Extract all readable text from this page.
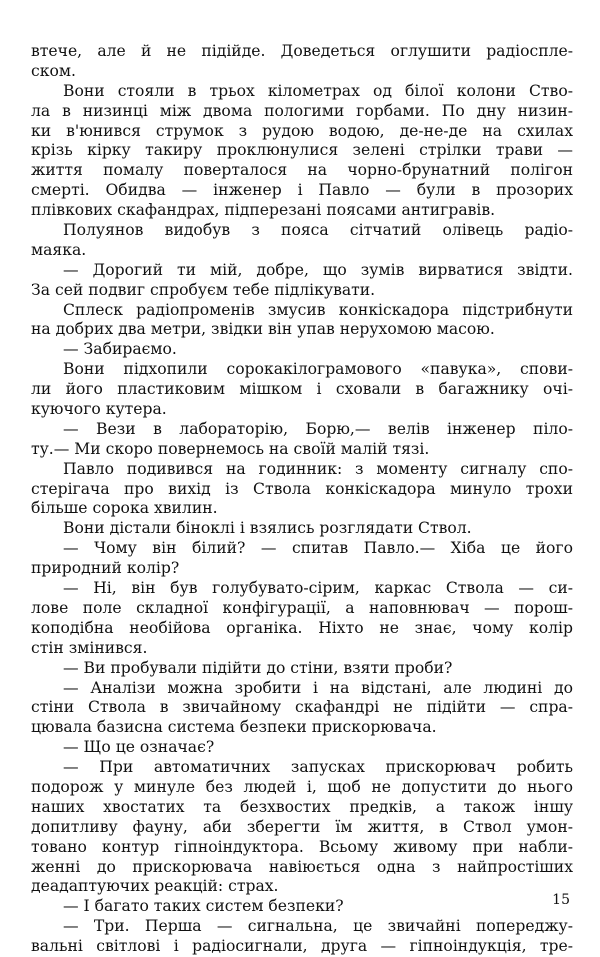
втече, але й не підійде. Доведеться оглушити радіоспле-
ском.
Вони стояли в трьох кілометрах од білої колони Ство-
ла в низинці між двома пологими горбами. По дну низин-
ки в'юнився струмок з рудою водою, де-не-де на схилах
крізь кірку такиру проклюнулися зелені стрілки трави —
життя помалу поверталося на чорно-брунатний полігон
смерті. Обидва — інженер і Павло — були в прозорих
плівкових скафандрах, підперезані поясами антигравів.
Полуянов видобув з пояса сітчатий олівець радіо-
маяка.
— Дорогий ти мій, добре, що зумів вирватися звідти.
За сей подвиг спробуєм тебе підлікувати.
Сплеск радіопроменів змусив конкіскадора підстрибнути
на добрих два метри, звідки він упав нерухомою масою.
— Забираємо.
Вони підхопили сорокакілограмового «павука», спови-
ли його пластиковим мішком і сховали в багажнику очі-
куючого кутера.
— Вези в лабораторію, Борю,— велів інженер піло-
ту.— Ми скоро повернемось на своїй малій тязі.
Павло подивився на годинник: з моменту сигналу спо-
стерігача про вихід із Ствола конкіскадора минуло трохи
більше сорока хвилин.
Вони дістали біноклі і взялись розглядати Ствол.
— Чому він білий? — спитав Павло.— Хіба це його
природний колір?
— Ні, він був голубувато-сірим, каркас Ствола — си-
лове поле складної конфігурації, а наповнювач — порош-
коподібна необійова органіка. Ніхто не знає, чому колір
стін змінився.
— Ви пробували підійти до стіни, взяти проби?
— Аналізи можна зробити і на відстані, але людині до
стіни Ствола в звичайному скафандрі не підійти — спра-
цювала базисна система безпеки прискорювача.
— Що це означає?
— При автоматичних запусках прискорювач робить
подорож у минуле без людей і, щоб не допустити до нього
наших хвостатих та безхвостих предків, а також іншу
допитливу фауну, аби зберегти їм життя, в Ствол умон-
товано контур гіпноіндуктора. Всьому живому при набли-
женні до прискорювача навіюється одна з найпростіших
деадаптуючих реакцій: страх.
— І багато таких систем безпеки?
— Три. Перша — сигнальна, це звичайні попереджу-
вальні світлові і радіосигнали, друга — гіпноіндукція, тре-
15
